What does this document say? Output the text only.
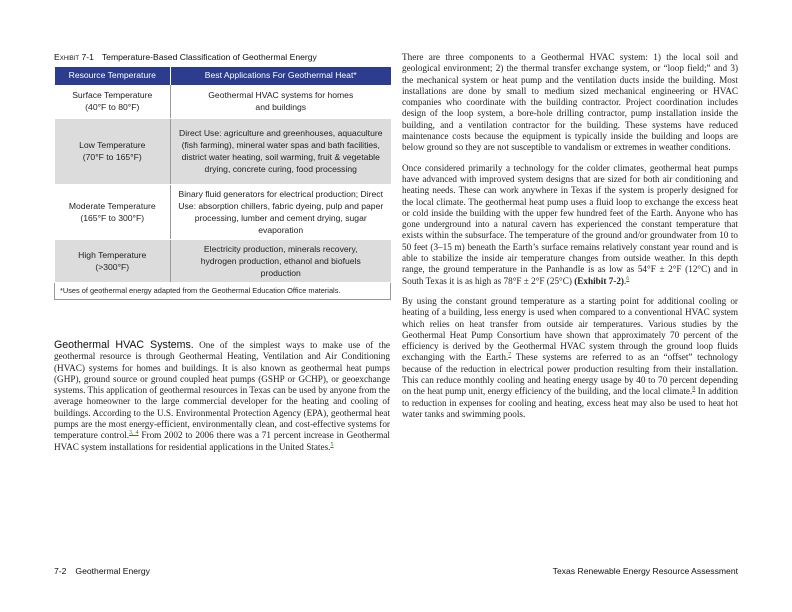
Exhibit 7-1 Temperature-Based Classification of Geothermal Energy
Resource Temperature	Best Applications For Geothermal Heat*

Surface Temperature
(40°F to 80°F)	Geothermal HVAC systems for homes and buildings

Low Temperature
(70°F to 165°F)	Direct Use: agriculture and greenhouses, aquaculture (fish farming), mineral water spas and bath facilities, district water heating, soil warming, fruit & vegetable drying, concrete curing, food processing

Moderate Temperature
(165°F to 300°F)	Binary fluid generators for electrical production; Direct Use: absorption chillers, fabric dyeing, pulp and paper processing, lumber and cement drying, sugar evaporation

High Temperature
(>300°F)	Electricity production, minerals recovery, hydrogen production, ethanol and biofuels production
*Uses of geothermal energy adapted from the Geothermal Education Office materials.	

Geothermal HVAC Systems. One of the simplest ways to make use of the geothermal resource is through Geothermal Heating, Ventilation and Air Conditioning (HVAC) systems for homes and buildings. It is also known as geothermal heat pumps (GHP), ground source or ground coupled heat pumps (GSHP or GCHP), or geoexchange systems. This application of geothermal resources in Texas can be used by anyone from the average homeowner to the large commercial developer for the heating and cooling of buildings. According to the U.S. Environmental Protection Agency (EPA), geothermal heat pumps are the most energy-efficient, environmentally clean, and cost-effective systems for temperature control.$^{3, 4}$ From 2002 to 2006 there was a 71 percent increase in Geothermal HVAC system installations for residential applications in the United States.$^5$

There are three components to a Geothermal HVAC system: 1) the local soil and geological environment; 2) the thermal transfer exchange system, or “loop field;” and 3) the mechanical system or heat pump and the ventilation ducts inside the building. Most installations are done by small to medium sized mechanical engineering or HVAC companies who coordinate with the building contractor. Project coordination includes design of the loop system, a bore-hole drilling contractor, pump installation inside the building, and a ventilation contractor for the building. These systems have reduced maintenance costs because the equipment is typically inside the building and loops are below ground so they are not susceptible to vandalism or extremes in weather conditions.

Once considered primarily a technology for the colder climates, geothermal heat pumps have advanced with improved system designs that are sized for both air conditioning and heating needs. These can work anywhere in Texas if the system is properly designed for the local climate. The geothermal heat pump uses a fluid loop to exchange the excess heat or cold inside the building with the upper few hundred feet of the Earth. Anyone who has gone underground into a natural cavern has experienced the constant temperature that exists within the subsurface. The temperature of the ground and/or groundwater from 10 to 50 feet (3–15 m) beneath the Earth’s surface remains relatively constant year round and is able to stabilize the inside air temperature changes from outside weather. In this depth range, the ground temperature in the Panhandle is as low as 54°F ± 2°F (12°C) and in South Texas it is as high as 78°F ± 2°F (25°C) (Exhibit 7-2).$^6$

By using the constant ground temperature as a starting point for additional cooling or heating of a building, less energy is used when compared to a conventional HVAC system which relies on heat transfer from outside air temperatures. Various studies by the Geothermal Heat Pump Consortium have shown that approximately 70 percent of the efficiency is derived by the Geothermal HVAC system through the ground loop fluids exchanging with the Earth.$^7$ These systems are referred to as an “offset” technology because of the reduction in electrical power production resulting from their installation. This can reduce monthly cooling and heating energy usage by 40 to 70 percent depending on the heat pump unit, energy efficiency of the building, and the local climate.$^8$ In addition to reduction in expenses for cooling and heating, excess heat may also be used to heat hot water tanks and swimming pools.

7-2 Geothermal Energy	Texas Renewable Energy Resource Assessment
